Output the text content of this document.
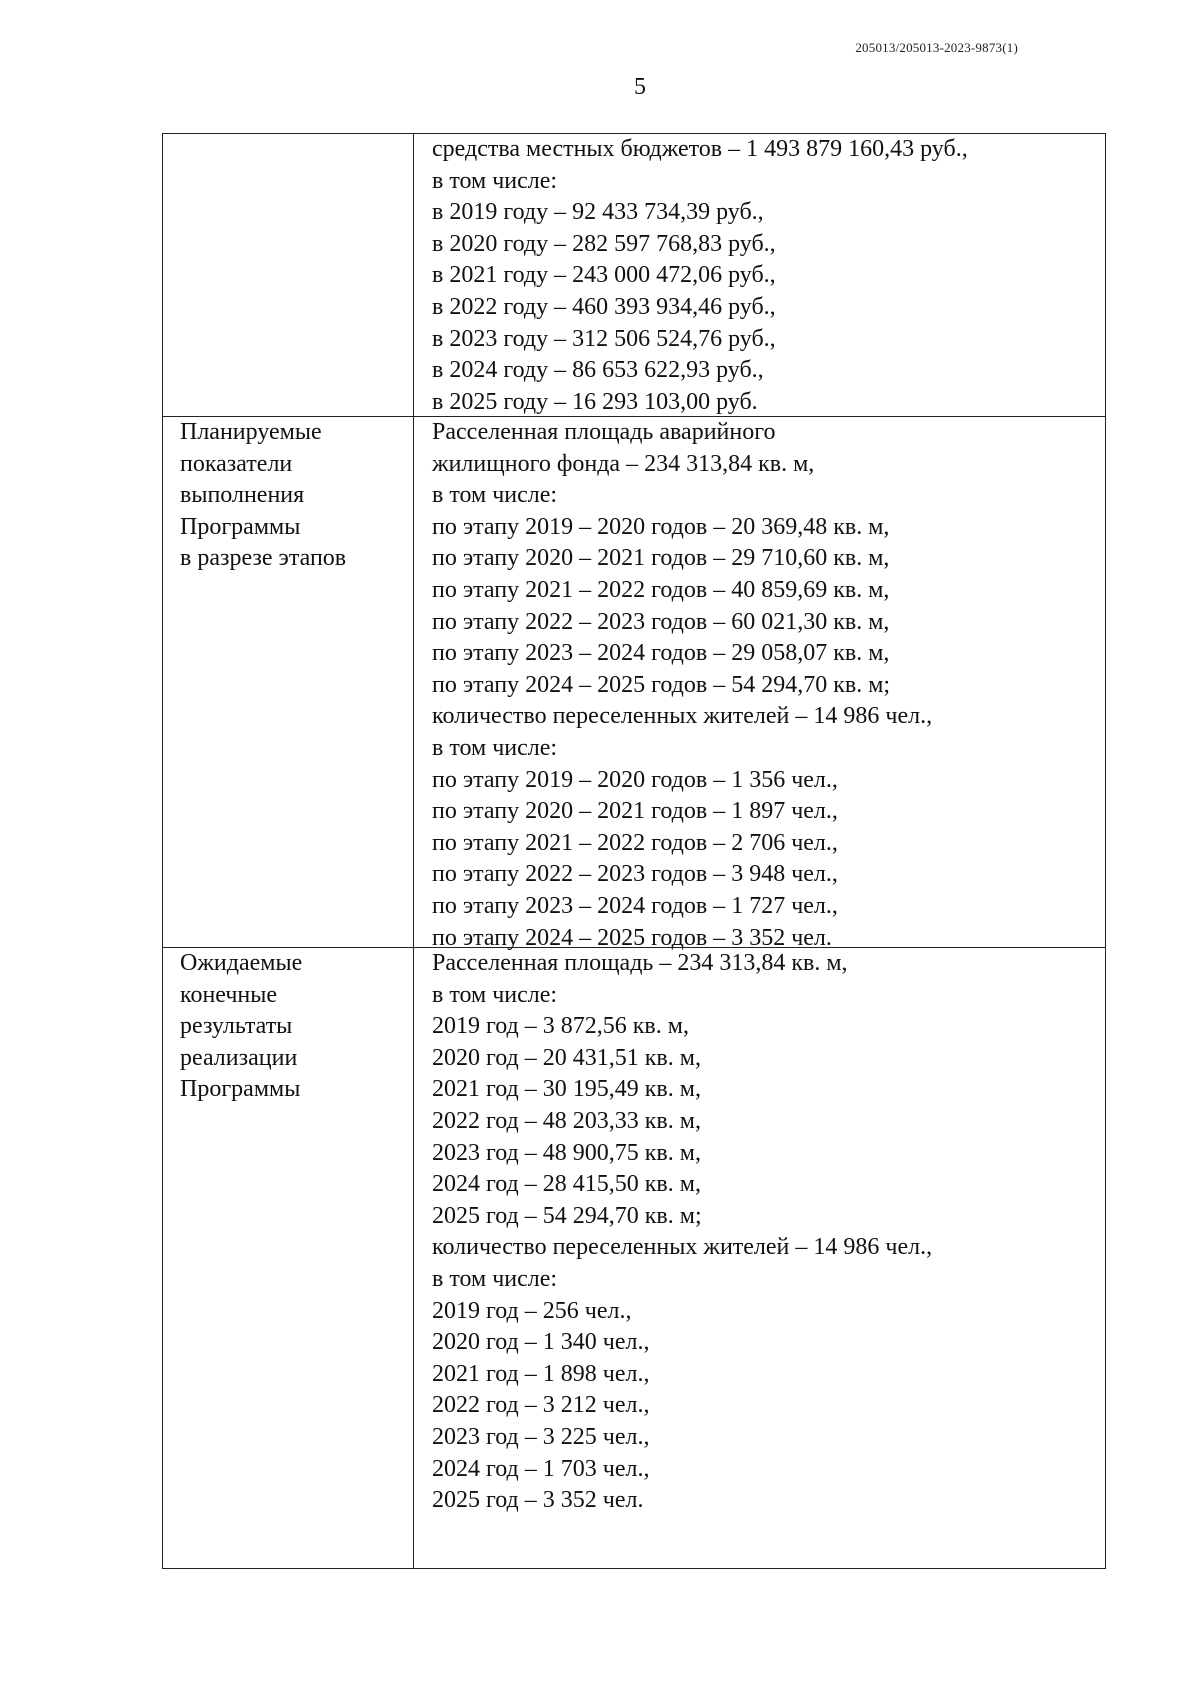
205013/205013-2023-9873(1)
5
средства местных бюджетов – 1 493 879 160,43 руб.,
в том числе:
в 2019 году – 92 433 734,39 руб.,
в 2020 году – 282 597 768,83 руб.,
в 2021 году – 243 000 472,06 руб.,
в 2022 году – 460 393 934,46 руб.,
в 2023 году – 312 506 524,76 руб.,
в 2024 году – 86 653 622,93 руб.,
в 2025 году – 16 293 103,00 руб.
Планируемые
показатели
выполнения
Программы
в разрезе этапов
Расселенная площадь аварийного
жилищного фонда – 234 313,84 кв. м,
в том числе:
по этапу 2019 – 2020 годов – 20 369,48 кв. м,
по этапу 2020 – 2021 годов – 29 710,60 кв. м,
по этапу 2021 – 2022 годов – 40 859,69 кв. м,
по этапу 2022 – 2023 годов – 60 021,30 кв. м,
по этапу 2023 – 2024 годов – 29 058,07 кв. м,
по этапу 2024 – 2025 годов – 54 294,70 кв. м;
количество переселенных жителей – 14 986 чел.,
в том числе:
по этапу 2019 – 2020 годов – 1 356 чел.,
по этапу 2020 – 2021 годов – 1 897 чел.,
по этапу 2021 – 2022 годов – 2 706 чел.,
по этапу 2022 – 2023 годов – 3 948 чел.,
по этапу 2023 – 2024 годов – 1 727 чел.,
по этапу 2024 – 2025 годов – 3 352 чел.
Ожидаемые
конечные
результаты
реализации
Программы
Расселенная площадь – 234 313,84 кв. м,
в том числе:
2019 год – 3 872,56 кв. м,
2020 год – 20 431,51 кв. м,
2021 год – 30 195,49 кв. м,
2022 год – 48 203,33 кв. м,
2023 год – 48 900,75 кв. м,
2024 год – 28 415,50 кв. м,
2025 год – 54 294,70 кв. м;
количество переселенных жителей – 14 986 чел.,
в том числе:
2019 год – 256 чел.,
2020 год – 1 340 чел.,
2021 год – 1 898 чел.,
2022 год – 3 212 чел.,
2023 год – 3 225 чел.,
2024 год – 1 703 чел.,
2025 год – 3 352 чел.
